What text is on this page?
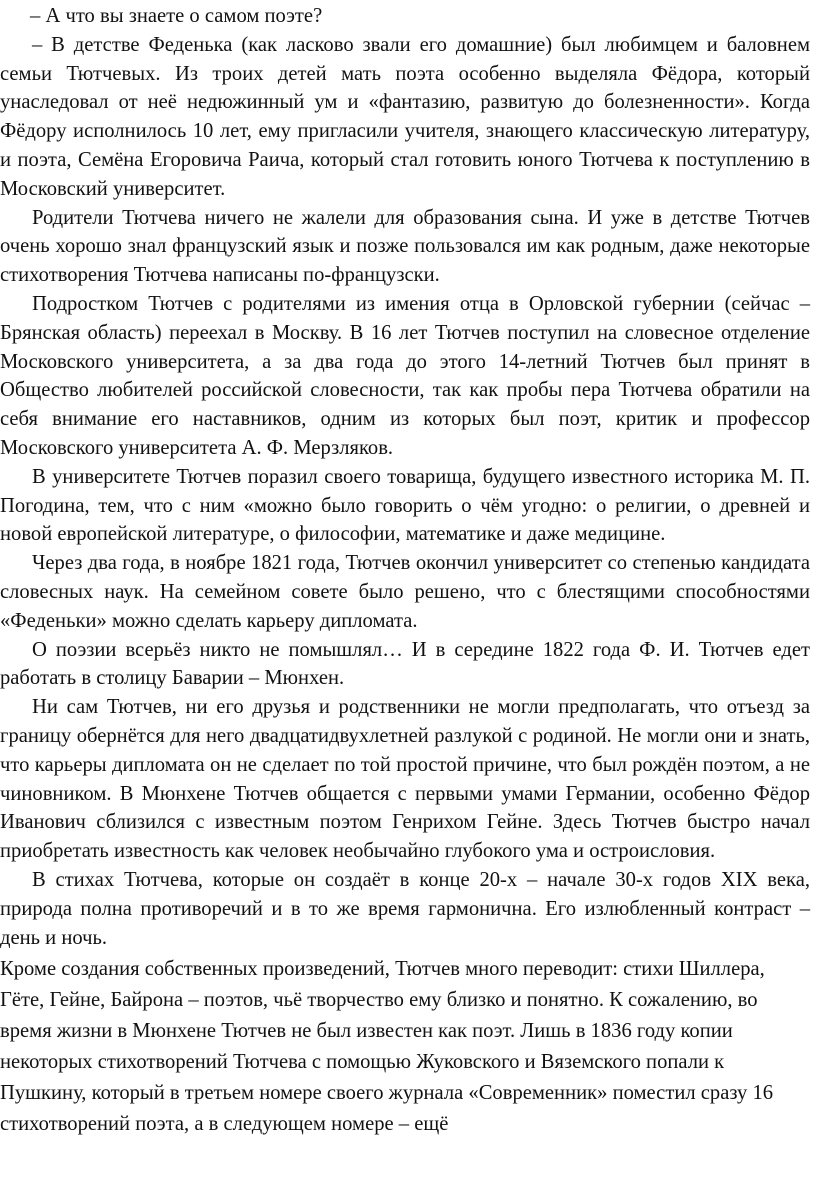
– А что вы знаете о самом поэте?

– В детстве Феденька (как ласково звали его домашние) был любимцем и баловнем семьи Тютчевых. Из троих детей мать поэта особенно выделяла Фёдора, который унаследовал от неё недюжинный ум и «фантазию, развитую до болезненности». Когда Фёдору исполнилось 10 лет, ему пригласили учителя, знающего классическую литературу, и поэта, Семёна Егоровича Раича, который стал готовить юного Тютчева к поступлению в Московский университет.

Родители Тютчева ничего не жалели для образования сына. И уже в детстве Тютчев очень хорошо знал французский язык и позже пользовался им как родным, даже некоторые стихотворения Тютчева написаны по-французски.

Подростком Тютчев с родителями из имения отца в Орловской губернии (сейчас – Брянская область) переехал в Москву. В 16 лет Тютчев поступил на словесное отделение Московского университета, а за два года до этого 14-летний Тютчев был принят в Общество любителей российской словесности, так как пробы пера Тютчева обратили на себя внимание его наставников, одним из которых был поэт, критик и профессор Московского университета А. Ф. Мерзляков.

В университете Тютчев поразил своего товарища, будущего известного историка М. П. Погодина, тем, что с ним «можно было говорить о чём угодно: о религии, о древней и новой европейской литературе, о философии, математике и даже медицине.

Через два года, в ноябре 1821 года, Тютчев окончил университет со степенью кандидата словесных наук. На семейном совете было решено, что с блестящими способностями «Феденьки» можно сделать карьеру дипломата.

О поэзии всерьёз никто не помышлял… И в середине 1822 года Ф. И. Тютчев едет работать в столицу Баварии – Мюнхен.

Ни сам Тютчев, ни его друзья и родственники не могли предполагать, что отъезд за границу обернётся для него двадцатидвухлетней разлукой с родиной. Не могли они и знать, что карьеры дипломата он не сделает по той простой причине, что был рождён поэтом, а не чиновником. В Мюнхене Тютчев общается с первыми умами Германии, особенно Фёдор Иванович сблизился с известным поэтом Генрихом Гейне. Здесь Тютчев быстро начал приобретать известность как человек необычайно глубокого ума и остроисловия.

В стихах Тютчева, которые он создаёт в конце 20-х – начале 30-х годов XIX века, природа полна противоречий и в то же время гармонична. Его излюбленный контраст – день и ночь.

Кроме создания собственных произведений, Тютчев много переводит: стихи Шиллера, Гёте, Гейне, Байрона – поэтов, чьё творчество ему близко и понятно. К сожалению, во время жизни в Мюнхене Тютчев не был известен как поэт. Лишь в 1836 году копии некоторых стихотворений Тютчева с помощью Жуковского и Вяземского попали к Пушкину, который в третьем номере своего журнала «Современник» поместил сразу 16 стихотворений поэта, а в следующем номере – ещё
